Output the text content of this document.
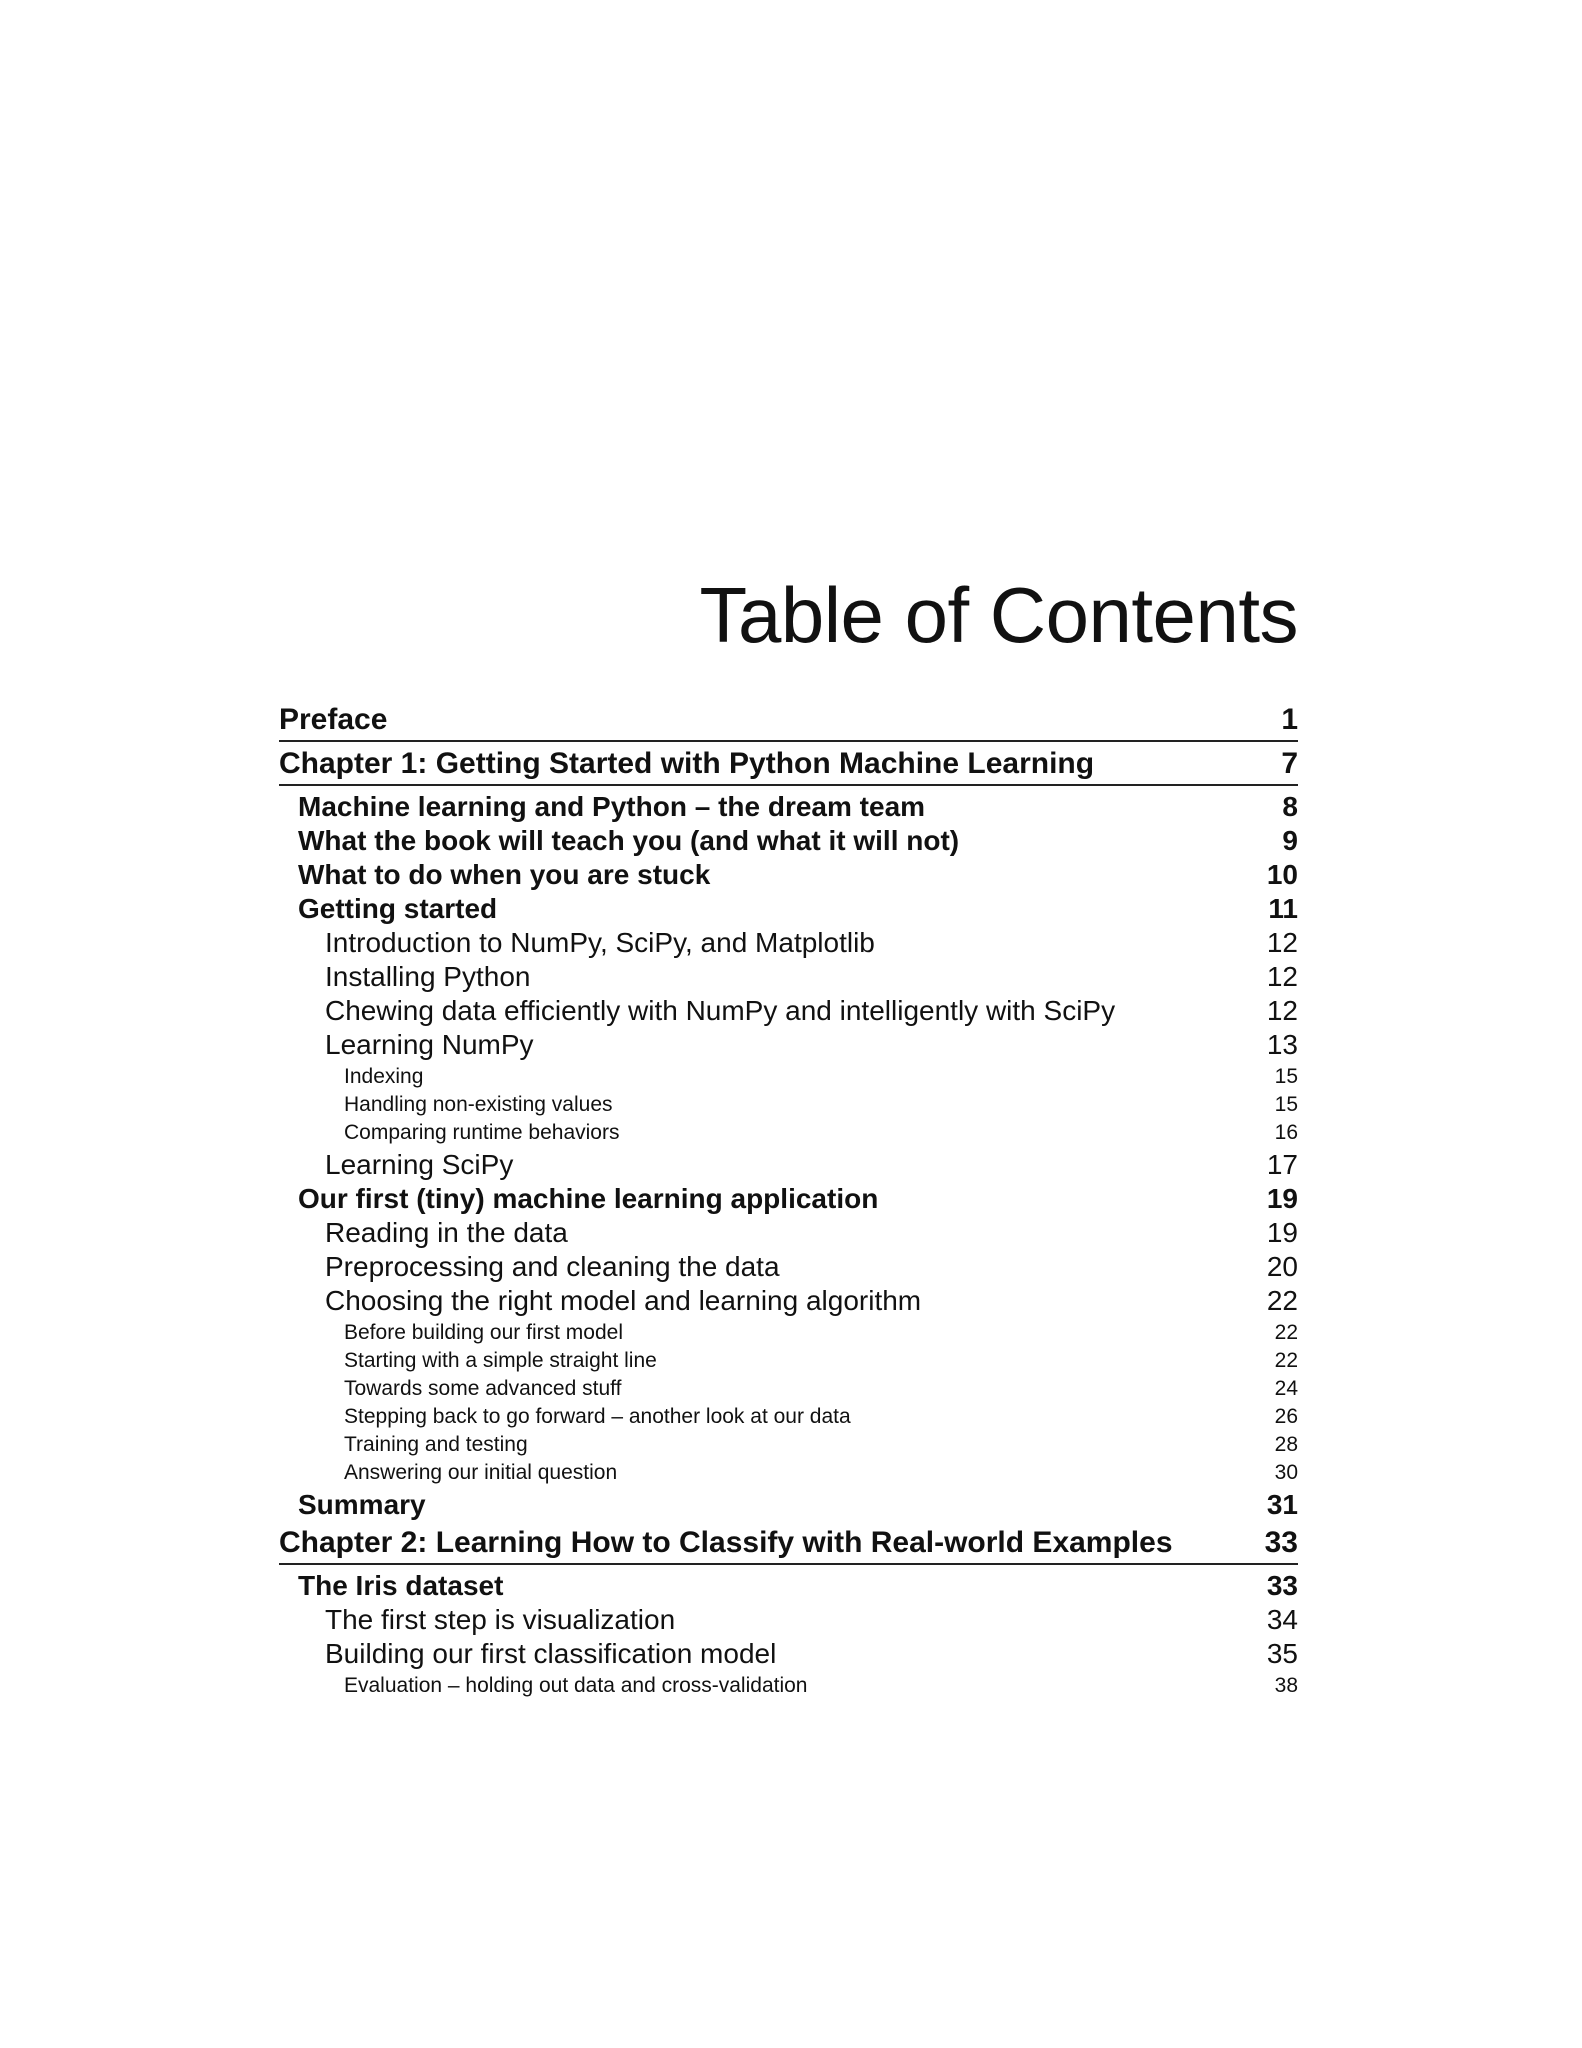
Table of Contents
Preface	1
Chapter 1: Getting Started with Python Machine Learning	7
Machine learning and Python – the dream team	8
What the book will teach you (and what it will not)	9
What to do when you are stuck	10
Getting started	11
Introduction to NumPy, SciPy, and Matplotlib	12
Installing Python	12
Chewing data efficiently with NumPy and intelligently with SciPy	12
Learning NumPy	13
Indexing	15
Handling non-existing values	15
Comparing runtime behaviors	16
Learning SciPy	17
Our first (tiny) machine learning application	19
Reading in the data	19
Preprocessing and cleaning the data	20
Choosing the right model and learning algorithm	22
Before building our first model	22
Starting with a simple straight line	22
Towards some advanced stuff	24
Stepping back to go forward – another look at our data	26
Training and testing	28
Answering our initial question	30
Summary	31
Chapter 2: Learning How to Classify with Real-world Examples	33
The Iris dataset	33
The first step is visualization	34
Building our first classification model	35
Evaluation – holding out data and cross-validation	38
